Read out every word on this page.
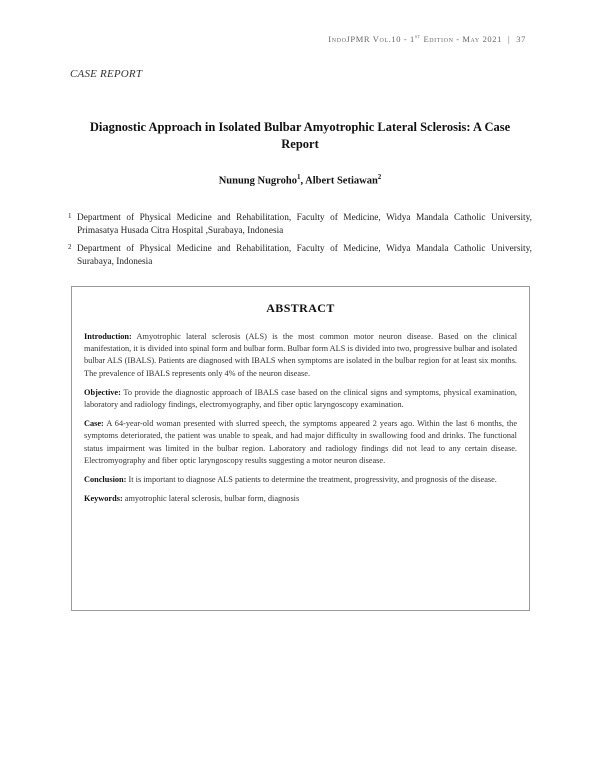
IndoJPMR Vol.10 - 1st Edition - May 2021 | 37
CASE REPORT
Diagnostic Approach in Isolated Bulbar Amyotrophic Lateral Sclerosis: A Case Report
Nunung Nugroho$^1$, Albert Setiawan$^2$
1 Department of Physical Medicine and Rehabilitation, Faculty of Medicine, Widya Mandala Catholic University, Primasatya Husada Citra Hospital ,Surabaya, Indonesia
2 Department of Physical Medicine and Rehabilitation, Faculty of Medicine, Widya Mandala Catholic University, Surabaya, Indonesia
ABSTRACT

Introduction: Amyotrophic lateral sclerosis (ALS) is the most common motor neuron disease. Based on the clinical manifestation, it is divided into spinal form and bulbar form. Bulbar form ALS is divided into two, progressive bulbar and isolated bulbar ALS (IBALS). Patients are diagnosed with IBALS when symptoms are isolated in the bulbar region for at least six months. The prevalence of IBALS represents only 4% of the neuron disease.

Objective: To provide the diagnostic approach of IBALS case based on the clinical signs and symptoms, physical examination, laboratory and radiology findings, electromyography, and fiber optic laryngoscopy examination.

Case: A 64-year-old woman presented with slurred speech, the symptoms appeared 2 years ago. Within the last 6 months, the symptoms deteriorated, the patient was unable to speak, and had major difficulty in swallowing food and drinks. The functional status impairment was limited in the bulbar region. Laboratory and radiology findings did not lead to any certain disease. Electromyography and fiber optic laryngoscopy results suggesting a motor neuron disease.

Conclusion: It is important to diagnose ALS patients to determine the treatment, progressivity, and prognosis of the disease.

Keywords: amyotrophic lateral sclerosis, bulbar form, diagnosis
